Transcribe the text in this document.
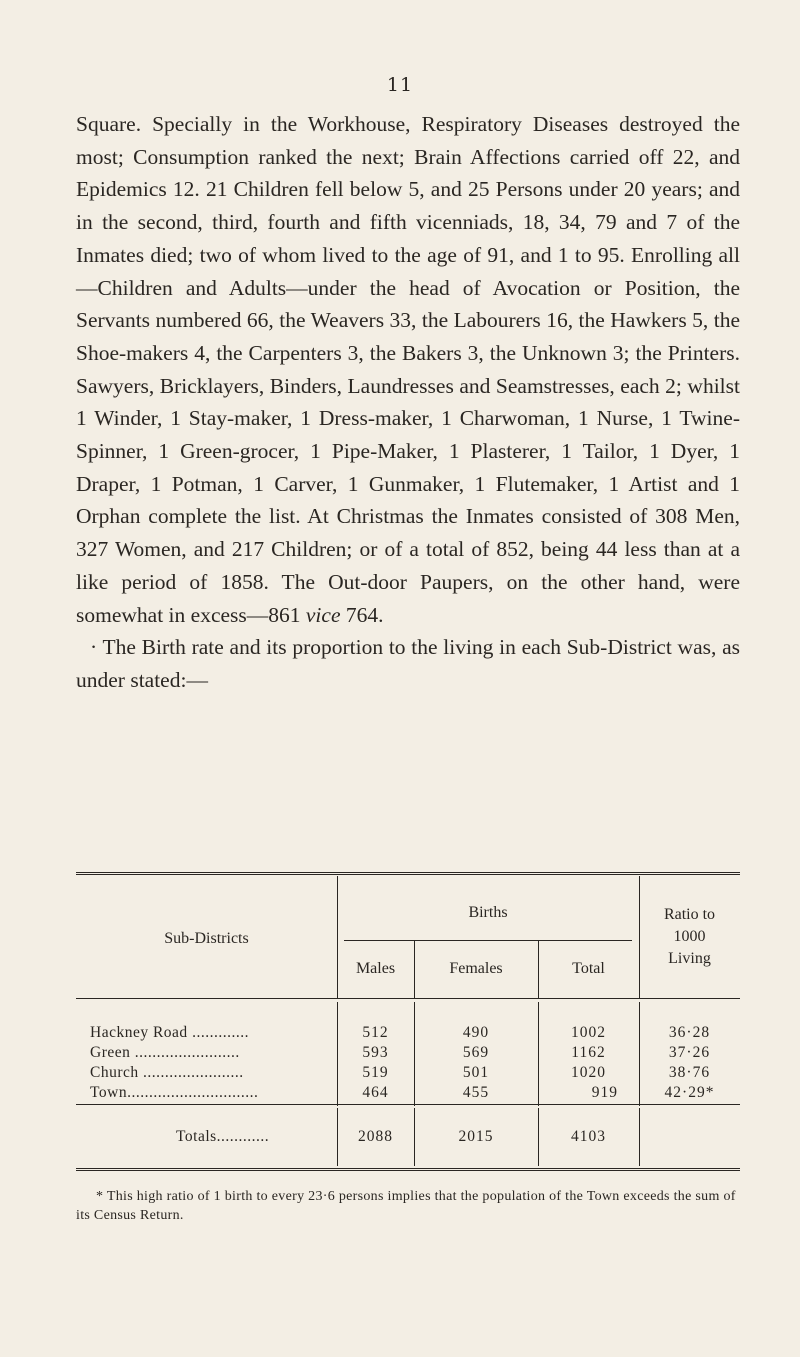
11

Square. Specially in the Workhouse, Respiratory Diseases destroyed the most; Consumption ranked the next; Brain Affections carried off 22, and Epidemics 12. 21 Children fell below 5, and 25 Persons under 20 years; and in the second, third, fourth and fifth vicenniads, 18, 34, 79 and 7 of the Inmates died; two of whom lived to the age of 91, and 1 to 95. Enrolling all—Children and Adults—under the head of Avocation or Position, the Servants numbered 66, the Weavers 33, the Labourers 16, the Hawkers 5, the Shoe-makers 4, the Carpenters 3, the Bakers 3, the Unknown 3; the Printers. Sawyers, Bricklayers, Binders, Laundresses and Seamstresses, each 2; whilst 1 Winder, 1 Stay-maker, 1 Dress-maker, 1 Charwoman, 1 Nurse, 1 Twine-Spinner, 1 Green-grocer, 1 Pipe-Maker, 1 Plasterer, 1 Tailor, 1 Dyer, 1 Draper, 1 Potman, 1 Carver, 1 Gunmaker, 1 Flutemaker, 1 Artist and 1 Orphan complete the list. At Christmas the Inmates consisted of 308 Men, 327 Women, and 217 Children; or of a total of 852, being 44 less than at a like period of 1858. The Out-door Paupers, on the other hand, were somewhat in excess—861 vice 764.

· The Birth rate and its proportion to the living in each Sub-District was, as under stated:—

Sub-Districts
Births
Males	Females	Total
Ratio to
1000
Living
Hackney Road .............	512	490	1002	36·28
Green ........................	593	569	1162	37·26
Church .......................	519	501	1020	38·76
Town..............................	464	455	919	42·29*
Totals............	2088	2015	4103

* This high ratio of 1 birth to every 23·6 persons implies that the population of the Town exceeds the sum of its Census Return.
